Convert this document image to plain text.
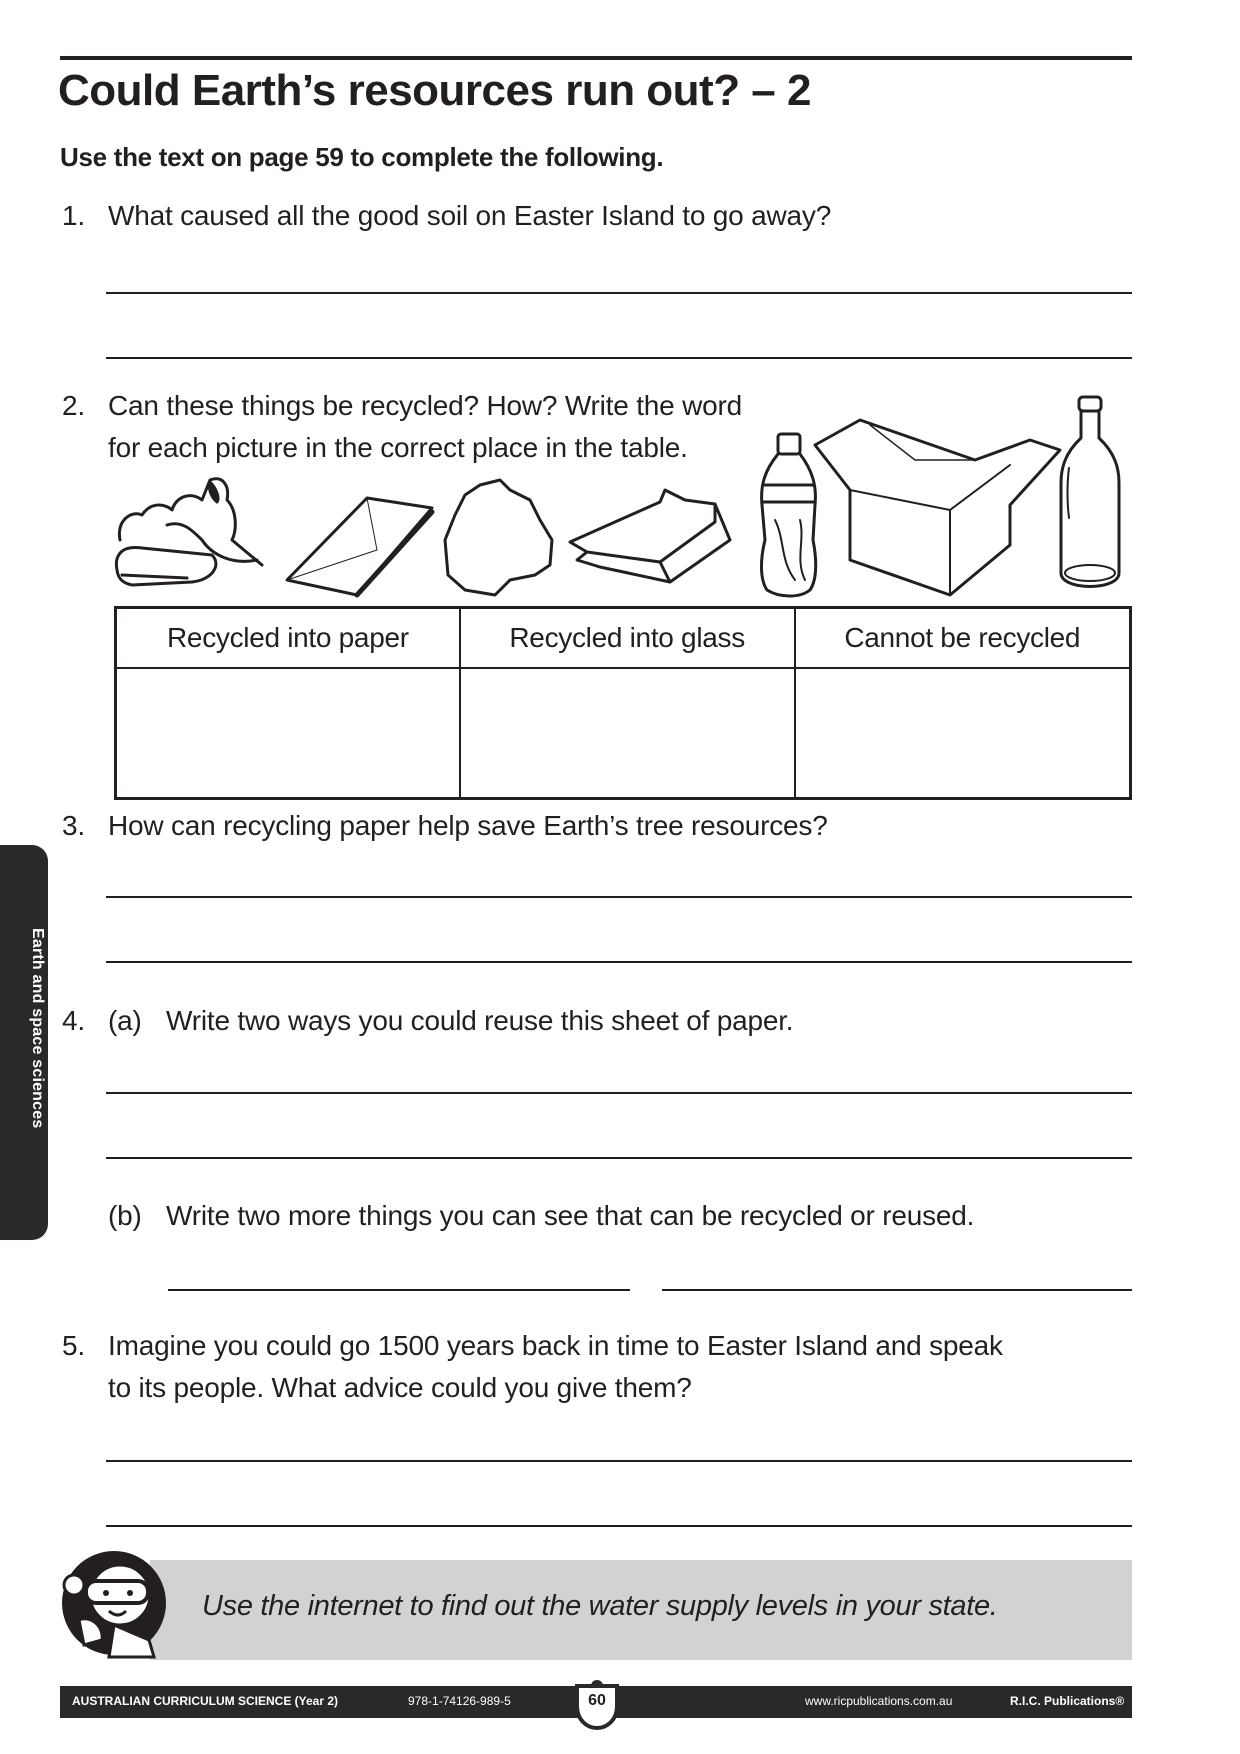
Could Earth’s resources run out? – 2
Use the text on page 59 to complete the following.
1. What caused all the good soil on Easter Island to go away?
2. Can these things be recycled? How? Write the word
for each picture in the correct place in the table.
Recycled into paper	Recycled into glass	Cannot be recycled

3. How can recycling paper help save Earth’s tree resources?
Earth and space sciences 4. (a) Write two ways you could reuse this sheet of paper.
(b) Write two more things you can see that can be recycled or reused.
5. Imagine you could go 1500 years back in time to Easter Island and speak
to its people. What advice could you give them?
Use the internet to find out the water supply levels in your state.
AUSTRALIAN CURRICULUM SCIENCE (Year 2)	978-1-74126-989-5	www.ricpublications.com.au	R.I.C. Publications®
60
